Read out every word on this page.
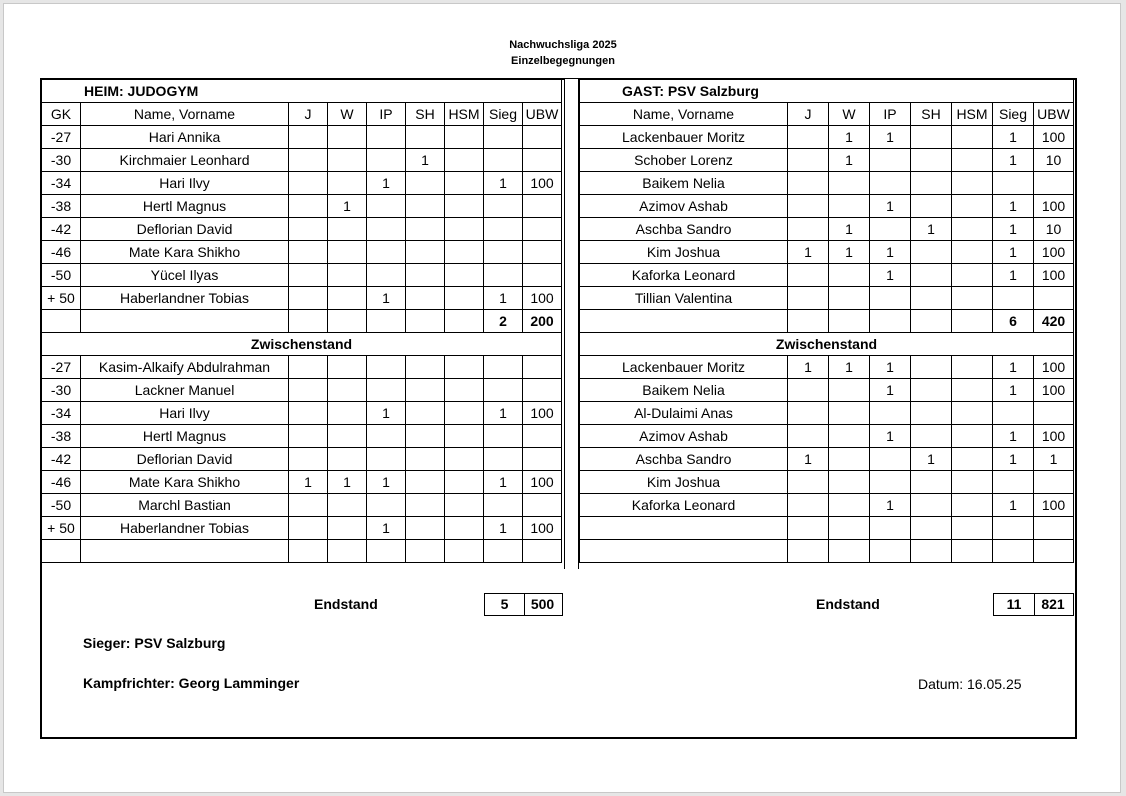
Nachwuchsliga 2025
Einzelbegegnungen
HEIM: JUDOGYM								
GK	Name, Vorname	J	W	IP	SH	HSM	Sieg	UBW
-27	Hari Annika							
-30	Kirchmaier Leonhard				1			
-34	Hari Ilvy			1			1	100
-38	Hertl Magnus		1					
-42	Deflorian David							
-46	Mate Kara Shikho							
-50	Yücel Ilyas							
+ 50	Haberlandner Tobias			1			1	100
							2	200
Zwischenstand								
-27	Kasim-Alkaify Abdulrahman							
-30	Lackner Manuel							
-34	Hari Ilvy			1			1	100
-38	Hertl Magnus							
-42	Deflorian David							
-46	Mate Kara Shikho	1	1	1			1	100
-50	Marchl Bastian							
+ 50	Haberlandner Tobias			1			1	100

GAST: PSV Salzburg							
Name, Vorname	J	W	IP	SH	HSM	Sieg	UBW
Lackenbauer Moritz		1	1			1	100
Schober Lorenz		1				1	10
Baikem Nelia							
Azimov Ashab			1			1	100
Aschba Sandro		1		1		1	10
Kim Joshua	1	1	1			1	100
Kaforka Leonard			1			1	100
Tillian Valentina							
						6	420
Zwischenstand							
Lackenbauer Moritz	1	1	1			1	100
Baikem Nelia			1			1	100
Al-Dulaimi Anas							
Azimov Ashab			1			1	100
Aschba Sandro	1			1		1	1
Kim Joshua							
Kaforka Leonard			1			1	100

Endstand	5	500	Endstand	11	821
Sieger: PSV Salzburg
Kampfrichter: Georg Lamminger	Datum: 16.05.25
